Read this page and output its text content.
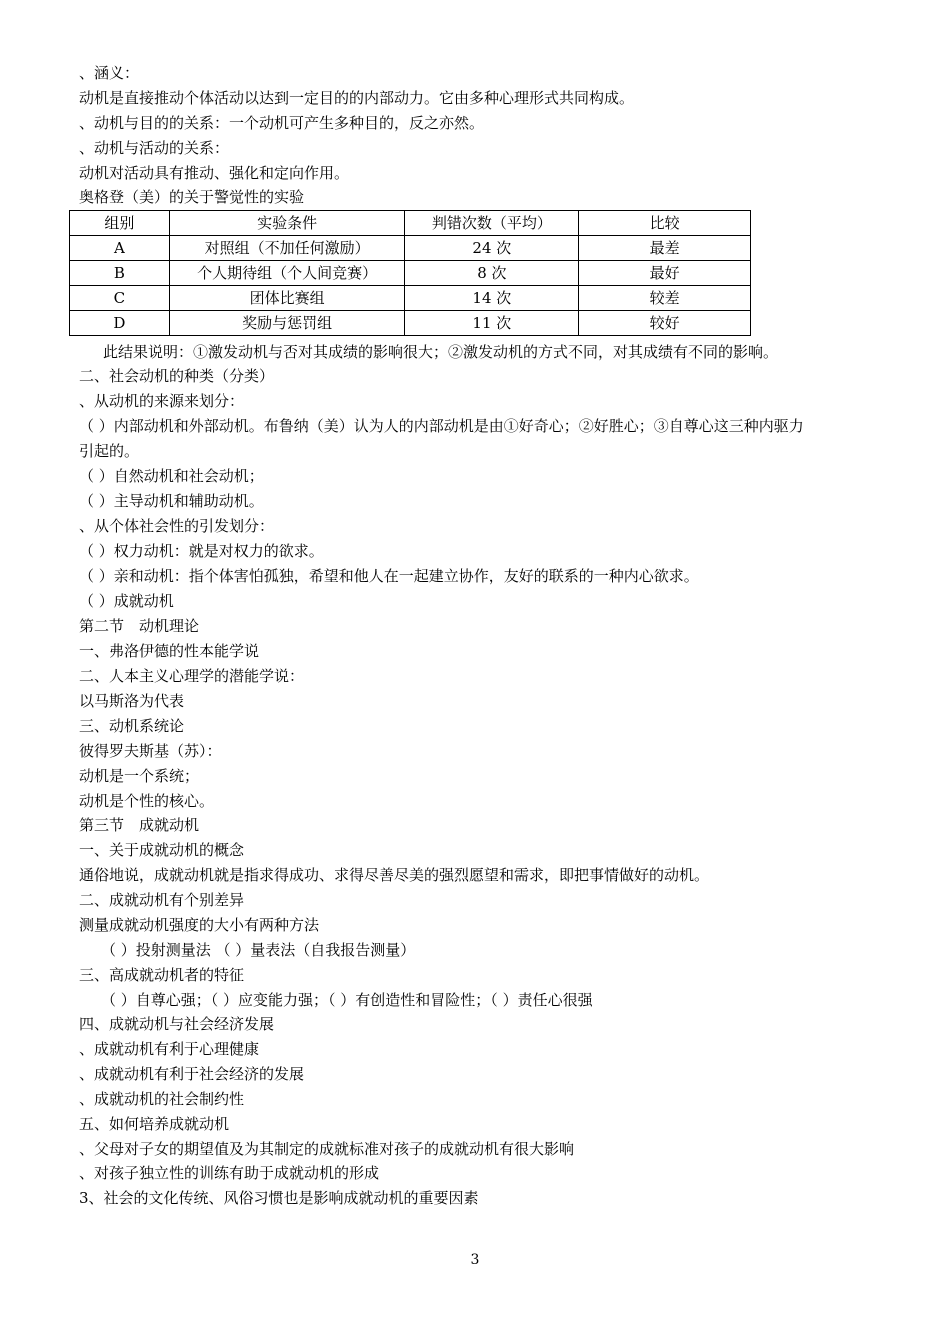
、涵义：
动机是直接推动个体活动以达到一定目的的内部动力。它由多种心理形式共同构成。
、动机与目的的关系：一个动机可产生多种目的，反之亦然。
、动机与活动的关系：
动机对活动具有推动、强化和定向作用。
奥格登（美）的关于警觉性的实验
组别	实验条件	判错次数（平均）	比较
A	对照组（不加任何激励）	24 次	最差
B	个人期待组（个人间竞赛）	8 次	最好
C	团体比赛组	14 次	较差
D	奖励与惩罚组	11 次	较好
此结果说明：①激发动机与否对其成绩的影响很大；②激发动机的方式不同，对其成绩有不同的影响。
二、社会动机的种类（分类）
、从动机的来源来划分：
（ ）内部动机和外部动机。布鲁纳（美）认为人的内部动机是由①好奇心；②好胜心；③自尊心这三种内驱力
引起的。
（ ）自然动机和社会动机；
（ ）主导动机和辅助动机。
、从个体社会性的引发划分：
（ ）权力动机：就是对权力的欲求。
（ ）亲和动机：指个体害怕孤独，希望和他人在一起建立协作，友好的联系的一种内心欲求。
（ ）成就动机
第二节　动机理论
一、弗洛伊德的性本能学说
二、人本主义心理学的潜能学说：
以马斯洛为代表
三、动机系统论
彼得罗夫斯基（苏）：
动机是一个系统；
动机是个性的核心。
第三节　成就动机
一、关于成就动机的概念
通俗地说，成就动机就是指求得成功、求得尽善尽美的强烈愿望和需求，即把事情做好的动机。
二、成就动机有个别差异
测量成就动机强度的大小有两种方法
（ ）投射测量法 （ ）量表法（自我报告测量）
三、高成就动机者的特征
（ ）自尊心强；（ ）应变能力强；（ ）有创造性和冒险性；（ ）责任心很强
四、成就动机与社会经济发展
、成就动机有利于心理健康
、成就动机有利于社会经济的发展
、成就动机的社会制约性
五、如何培养成就动机
、父母对子女的期望值及为其制定的成就标准对孩子的成就动机有很大影响
、对孩子独立性的训练有助于成就动机的形成
3、社会的文化传统、风俗习惯也是影响成就动机的重要因素
3
